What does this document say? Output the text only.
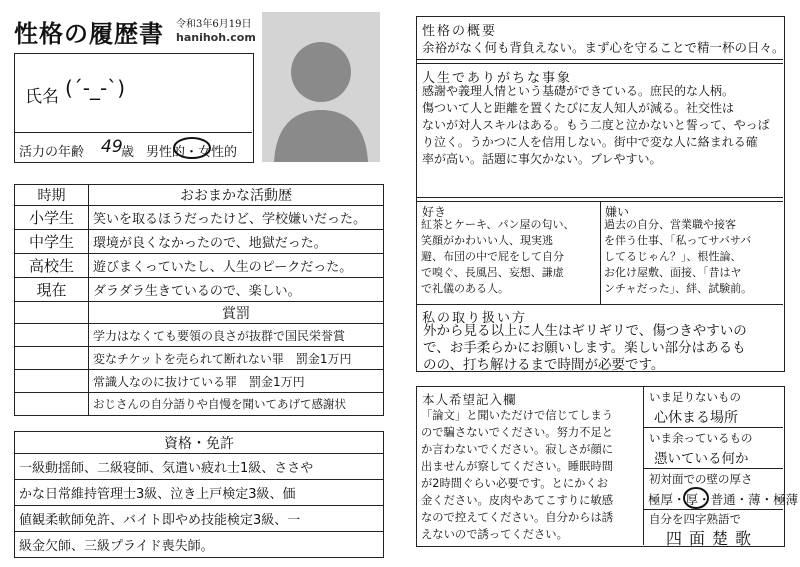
性格の履歴書 令和3年6月19日
hanihoh.com
氏名 (´-_-`)
活力の年齢 49
歳 男性的・女性的
時期	おおまかな活動歴
小学生	笑いを取るほうだったけど、学校嫌いだった。
中学生	環境が良くなかったので、地獄だった。
高校生	遊びまくっていたし、人生のピークだった。
現在	ダラダラ生きているので、楽しい。
	賞罰
	学力はなくても要領の良さが抜群で国民栄誉賞
	変なチケットを売られて断れない罪　罰金1万円
	常識人なのに抜けている罪　罰金1万円
	おじさんの自分語りや自慢を聞いてあげて感謝状
資格・免許
一級動揺師、二級寝師、気遣い疲れ士1級、ささや
かな日常維持管理士3級、泣き上戸検定3級、価
値観柔軟師免許、バイト即やめ技能検定3級、一
級金欠師、三級プライド喪失師。
性格の概要
余裕がなく何も背負えない。まず心を守ることで精一杯の日々。
人生でありがちな事象
感謝や義理人情という基礎ができている。庶民的な人柄。
傷ついて人と距離を置くたびに友人知人が減る。社交性は
ないが対人スキルはある。もう二度と泣かないと誓って、やっぱ
り泣く。うかつに人を信用しない。街中で変な人に絡まれる確
率が高い。話題に事欠かない。ブレやすい。
好き
紅茶とケーキ、パン屋の匂い、
笑顔がかわいい人、現実逃
避、布団の中で屁をして自分
で嗅ぐ、長風呂、妄想、謙虚
で礼儀のある人。
嫌い
過去の自分、営業職や接客
を伴う仕事、「私ってサバサバ
してるじゃん？」、根性論、
お化け屋敷、面接、「昔はヤ
ンチャだった」、絆、試験前。
私の取り扱い方
外から見る以上に人生はギリギリで、傷つきやすいの
で、お手柔らかにお願いします。楽しい部分はあるも
のの、打ち解けるまで時間が必要です。
本人希望記入欄
「論文」と聞いただけで信じてしまう
ので騙さないでください。努力不足と
か言わないでください。寂しさが顔に
出ませんが察してください。睡眠時間
が2時間ぐらい必要です。とにかくお
金ください。皮肉やあてこすりに敏感
なので控えてください。自分からは誘
えないので誘ってください。
いま足りないもの
心休まる場所
いま余っているもの
憑いている何か
初対面での壁の厚さ
極厚・厚・普通・薄・極薄
自分を四字熟語で
四面楚歌
